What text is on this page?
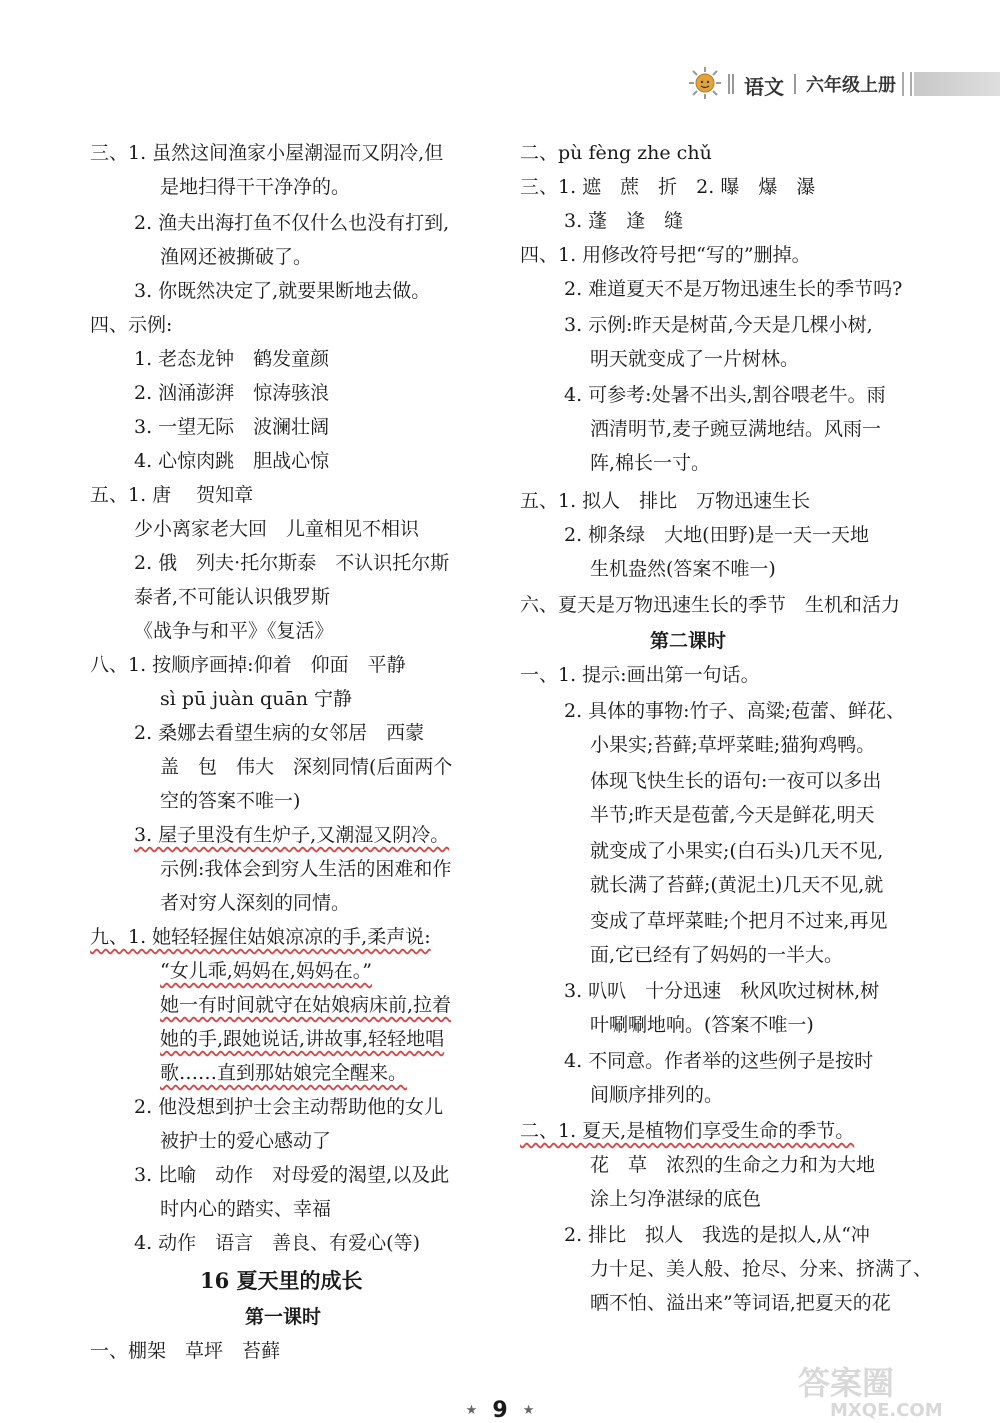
语文 六年级上册
三、1. 虽然这间渔家小屋潮湿而又阴冷,但
是地扫得干干净净的。
2. 渔夫出海打鱼不仅什么也没有打到,
渔网还被撕破了。
3. 你既然决定了,就要果断地去做。
四、示例:
1. 老态龙钟　鹤发童颜
2. 汹涌澎湃　惊涛骇浪
3. 一望无际　波澜壮阔
4. 心惊肉跳　胆战心惊
五、1. 唐　 贺知章
少小离家老大回　儿童相见不相识
2. 俄　列夫·托尔斯泰　不认识托尔斯
泰者,不可能认识俄罗斯
《战争与和平》《复活》
八、1. 按顺序画掉:仰着　仰面　平静
sì pū juàn quān 宁静
2. 桑娜去看望生病的女邻居　西蒙
盖　包　伟大　深刻同情(后面两个
空的答案不唯一)
3. 屋子里没有生炉子,又潮湿又阴冷。
示例:我体会到穷人生活的困难和作
者对穷人深刻的同情。
九、1. 她轻轻握住姑娘凉凉的手,柔声说:
“女儿乖,妈妈在,妈妈在。”
她一有时间就守在姑娘病床前,拉着
她的手,跟她说话,讲故事,轻轻地唱
歌……直到那姑娘完全醒来。
2. 他没想到护士会主动帮助他的女儿
被护士的爱心感动了
3. 比喻　动作　对母爱的渴望,以及此
时内心的踏实、幸福
4. 动作　语言　善良、有爱心(等)
16 夏天里的成长
第一课时
一、棚架　草坪　苔藓
二、pù fèng zhe chǔ
三、1. 遮　蔗　折　2. 曝　爆　瀑
3. 蓬　逢　缝
四、1. 用修改符号把“写的”删掉。
2. 难道夏天不是万物迅速生长的季节吗?
3. 示例:昨天是树苗,今天是几棵小树,
明天就变成了一片树林。
4. 可参考:处暑不出头,割谷喂老牛。雨
洒清明节,麦子豌豆满地结。风雨一
阵,棉长一寸。
五、1. 拟人　排比　万物迅速生长
2. 柳条绿　大地(田野)是一天一天地
生机盎然(答案不唯一)
六、夏天是万物迅速生长的季节　生机和活力
第二课时
一、1. 提示:画出第一句话。
2. 具体的事物:竹子、高粱;苞蕾、鲜花、
小果实;苔藓;草坪菜畦;猫狗鸡鸭。
体现飞快生长的语句:一夜可以多出
半节;昨天是苞蕾,今天是鲜花,明天
就变成了小果实;(白石头)几天不见,
就长满了苔藓;(黄泥土)几天不见,就
变成了草坪菜畦;个把月不过来,再见
面,它已经有了妈妈的一半大。
3. 叭叭　十分迅速　秋风吹过树林,树
叶唰唰地响。(答案不唯一)
4. 不同意。作者举的这些例子是按时
间顺序排列的。
二、1. 夏天,是植物们享受生命的季节。
花　草　浓烈的生命之力和为大地
涂上匀净湛绿的底色
2. 排比　拟人　我选的是拟人,从“冲
力十足、美人般、抢尽、分来、挤满了、
晒不怕、溢出来”等词语,把夏天的花
★ 9 ★
答案圈
MXQE.COM
